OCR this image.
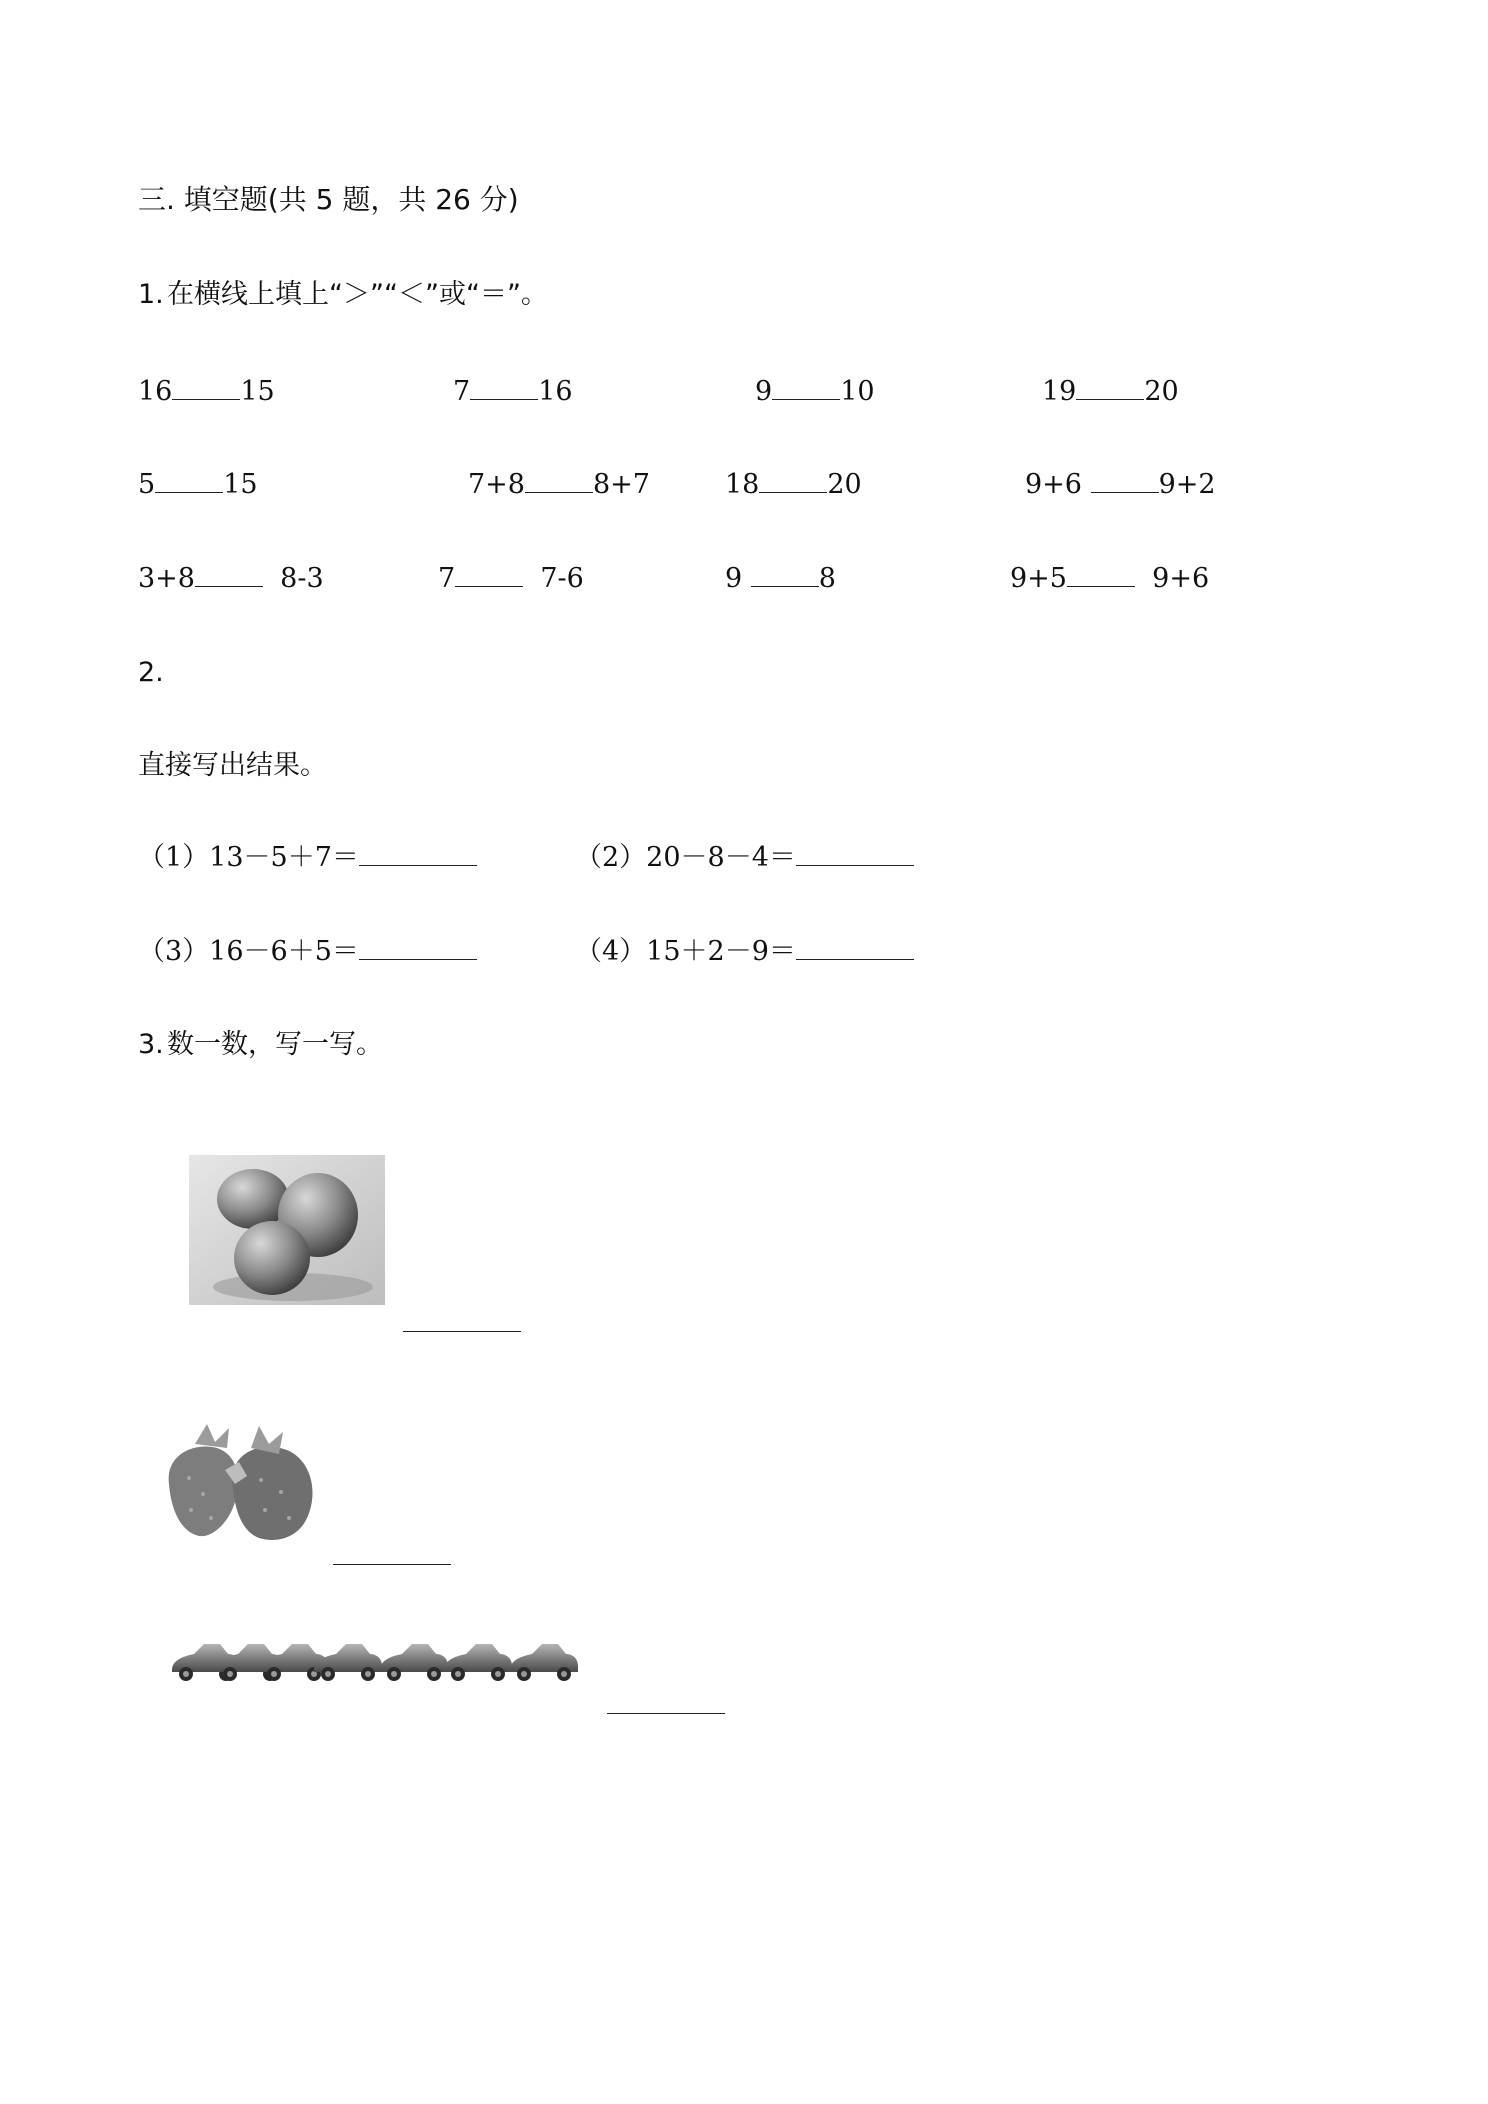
三. 填空题(共 5 题，共 26 分)
1. 在横线上填上“＞”“＜”或“＝”。
16	15	7	16	9	10	19	20
5	15	7+8	8+7	18	20	9+6	9+2
3+8	8-3	7	7-6	9	8	9+5	9+6
2.
直接写出结果。
（1）13－5＋7＝	（2）20－8－4＝
（3）16－6＋5＝	（4）15＋2－9＝
3. 数一数，写一写。
